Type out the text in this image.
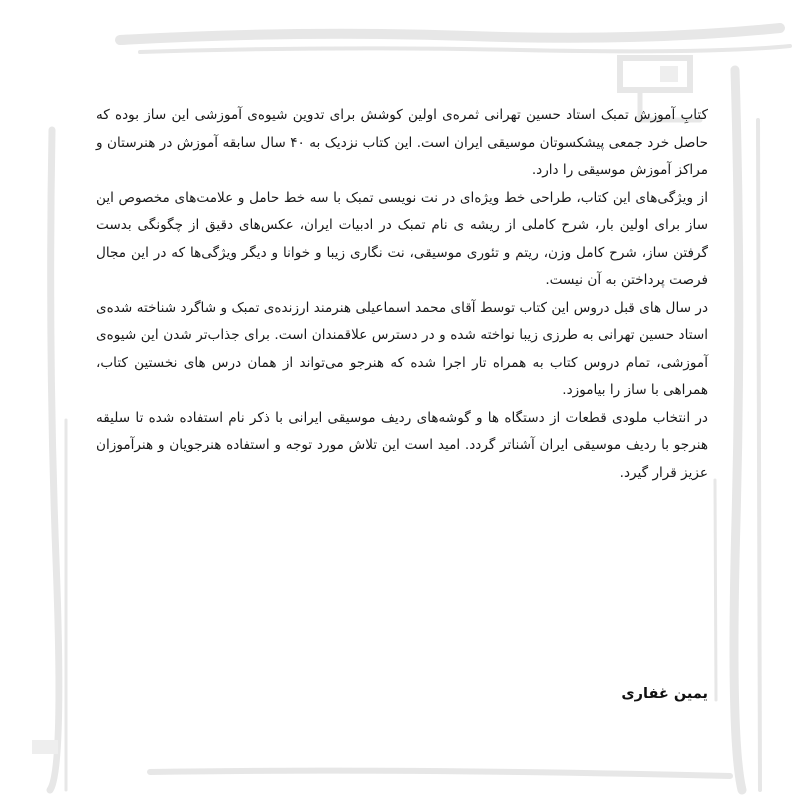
کتابِ آموزش تمبک استاد حسین تهرانی ثمره‌ی اولین کوشش برای تدوین شیوه‌ی آموزشی این ساز بوده که حاصل خرد جمعی پیشکسوتان موسیقی ایران است. این کتاب نزدیک به ۴۰ سال سابقه آموزش در هنرستان و مراکز آموزش موسیقی را دارد.

از ویژگی‌های این کتاب، طراحی خط ویژه‌ای در نت نویسی تمبک با سه خط حامل و علامت‌های مخصوص این ساز برای اولین بار، شرح کاملی از ریشه ی نام تمبک در ادبیات ایران، عکس‌های دقیق از چگونگی بدست گرفتن ساز، شرح کامل وزن، ریتم و تئوری موسیقی، نت نگاری زیبا و خوانا و دیگر ویژگی‌ها که در این مجال فرصت پرداختن به آن نیست.

در سال های قبل دروس این کتاب توسط آقای محمد اسماعیلی هنرمند ارزنده‌ی تمبک و شاگرد شناخته شده‌ی استاد حسین تهرانی به طرزی زیبا نواخته شده و در دسترس علاقمندان است. برای جذاب‌تر شدن این شیوه‌ی آموزشی، تمام دروس کتاب به همراه تار اجرا شده که هنرجو می‌تواند از همان درس های نخستین کتاب، همراهی با ساز را بیاموزد.

در انتخاب ملودی قطعات از دستگاه ها و گوشه‌های ردیف موسیقی ایرانی با ذکر نام استفاده شده تا سلیقه هنرجو با ردیف موسیقی ایران آشناتر گردد. امید است این تلاش مورد توجه و استفاده هنرجویان و هنرآموزان عزیز قرار گیرد.

یمین غفاری
